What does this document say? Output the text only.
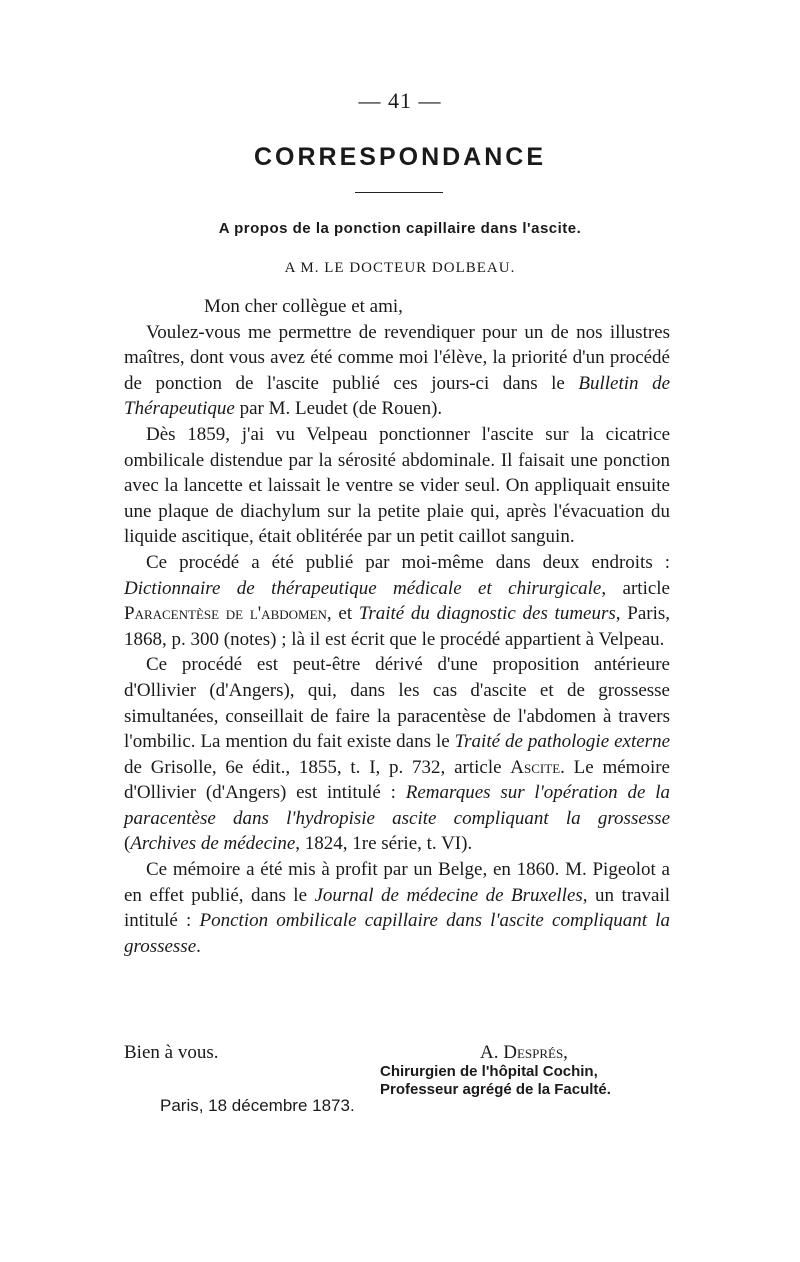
— 41 —
CORRESPONDANCE
A propos de la ponction capillaire dans l'ascite.
A M. LE DOCTEUR DOLBEAU.

Mon cher collègue et ami,

Voulez-vous me permettre de revendiquer pour un de nos illustres maîtres, dont vous avez été comme moi l'élève, la priorité d'un procédé de ponction de l'ascite publié ces jours-ci dans le Bulletin de Thérapeutique par M. Leudet (de Rouen).

Dès 1859, j'ai vu Velpeau ponctionner l'ascite sur la cicatrice ombilicale distendue par la sérosité abdominale. Il faisait une ponction avec la lancette et laissait le ventre se vider seul. On appliquait ensuite une plaque de diachylum sur la petite plaie qui, après l'évacuation du liquide ascitique, était oblitérée par un petit caillot sanguin.

Ce procédé a été publié par moi-même dans deux endroits : Dictionnaire de thérapeutique médicale et chirurgicale, article Paracentèse de l'abdomen, et Traité du diagnostic des tumeurs, Paris, 1868, p. 300 (notes) ; là il est écrit que le procédé appartient à Velpeau.

Ce procédé est peut-être dérivé d'une proposition antérieure d'Ollivier (d'Angers), qui, dans les cas d'ascite et de grossesse simultanées, conseillait de faire la paracentèse de l'abdomen à travers l'ombilic. La mention du fait existe dans le Traité de pathologie externe de Grisolle, 6e édit., 1855, t. I, p. 732, article Ascite. Le mémoire d'Ollivier (d'Angers) est intitulé : Remarques sur l'opération de la paracentèse dans l'hydropisie ascite compliquant la grossesse (Archives de médecine, 1824, 1re série, t. VI).

Ce mémoire a été mis à profit par un Belge, en 1860. M. Pigeolot a en effet publié, dans le Journal de médecine de Bruxelles, un travail intitulé : Ponction ombilicale capillaire dans l'ascite compliquant la grossesse.

Bien à vous.	A. Després,
Chirurgien de l'hôpital Cochin,
Professeur agrégé de la Faculté.
Paris, 18 décembre 1873.
